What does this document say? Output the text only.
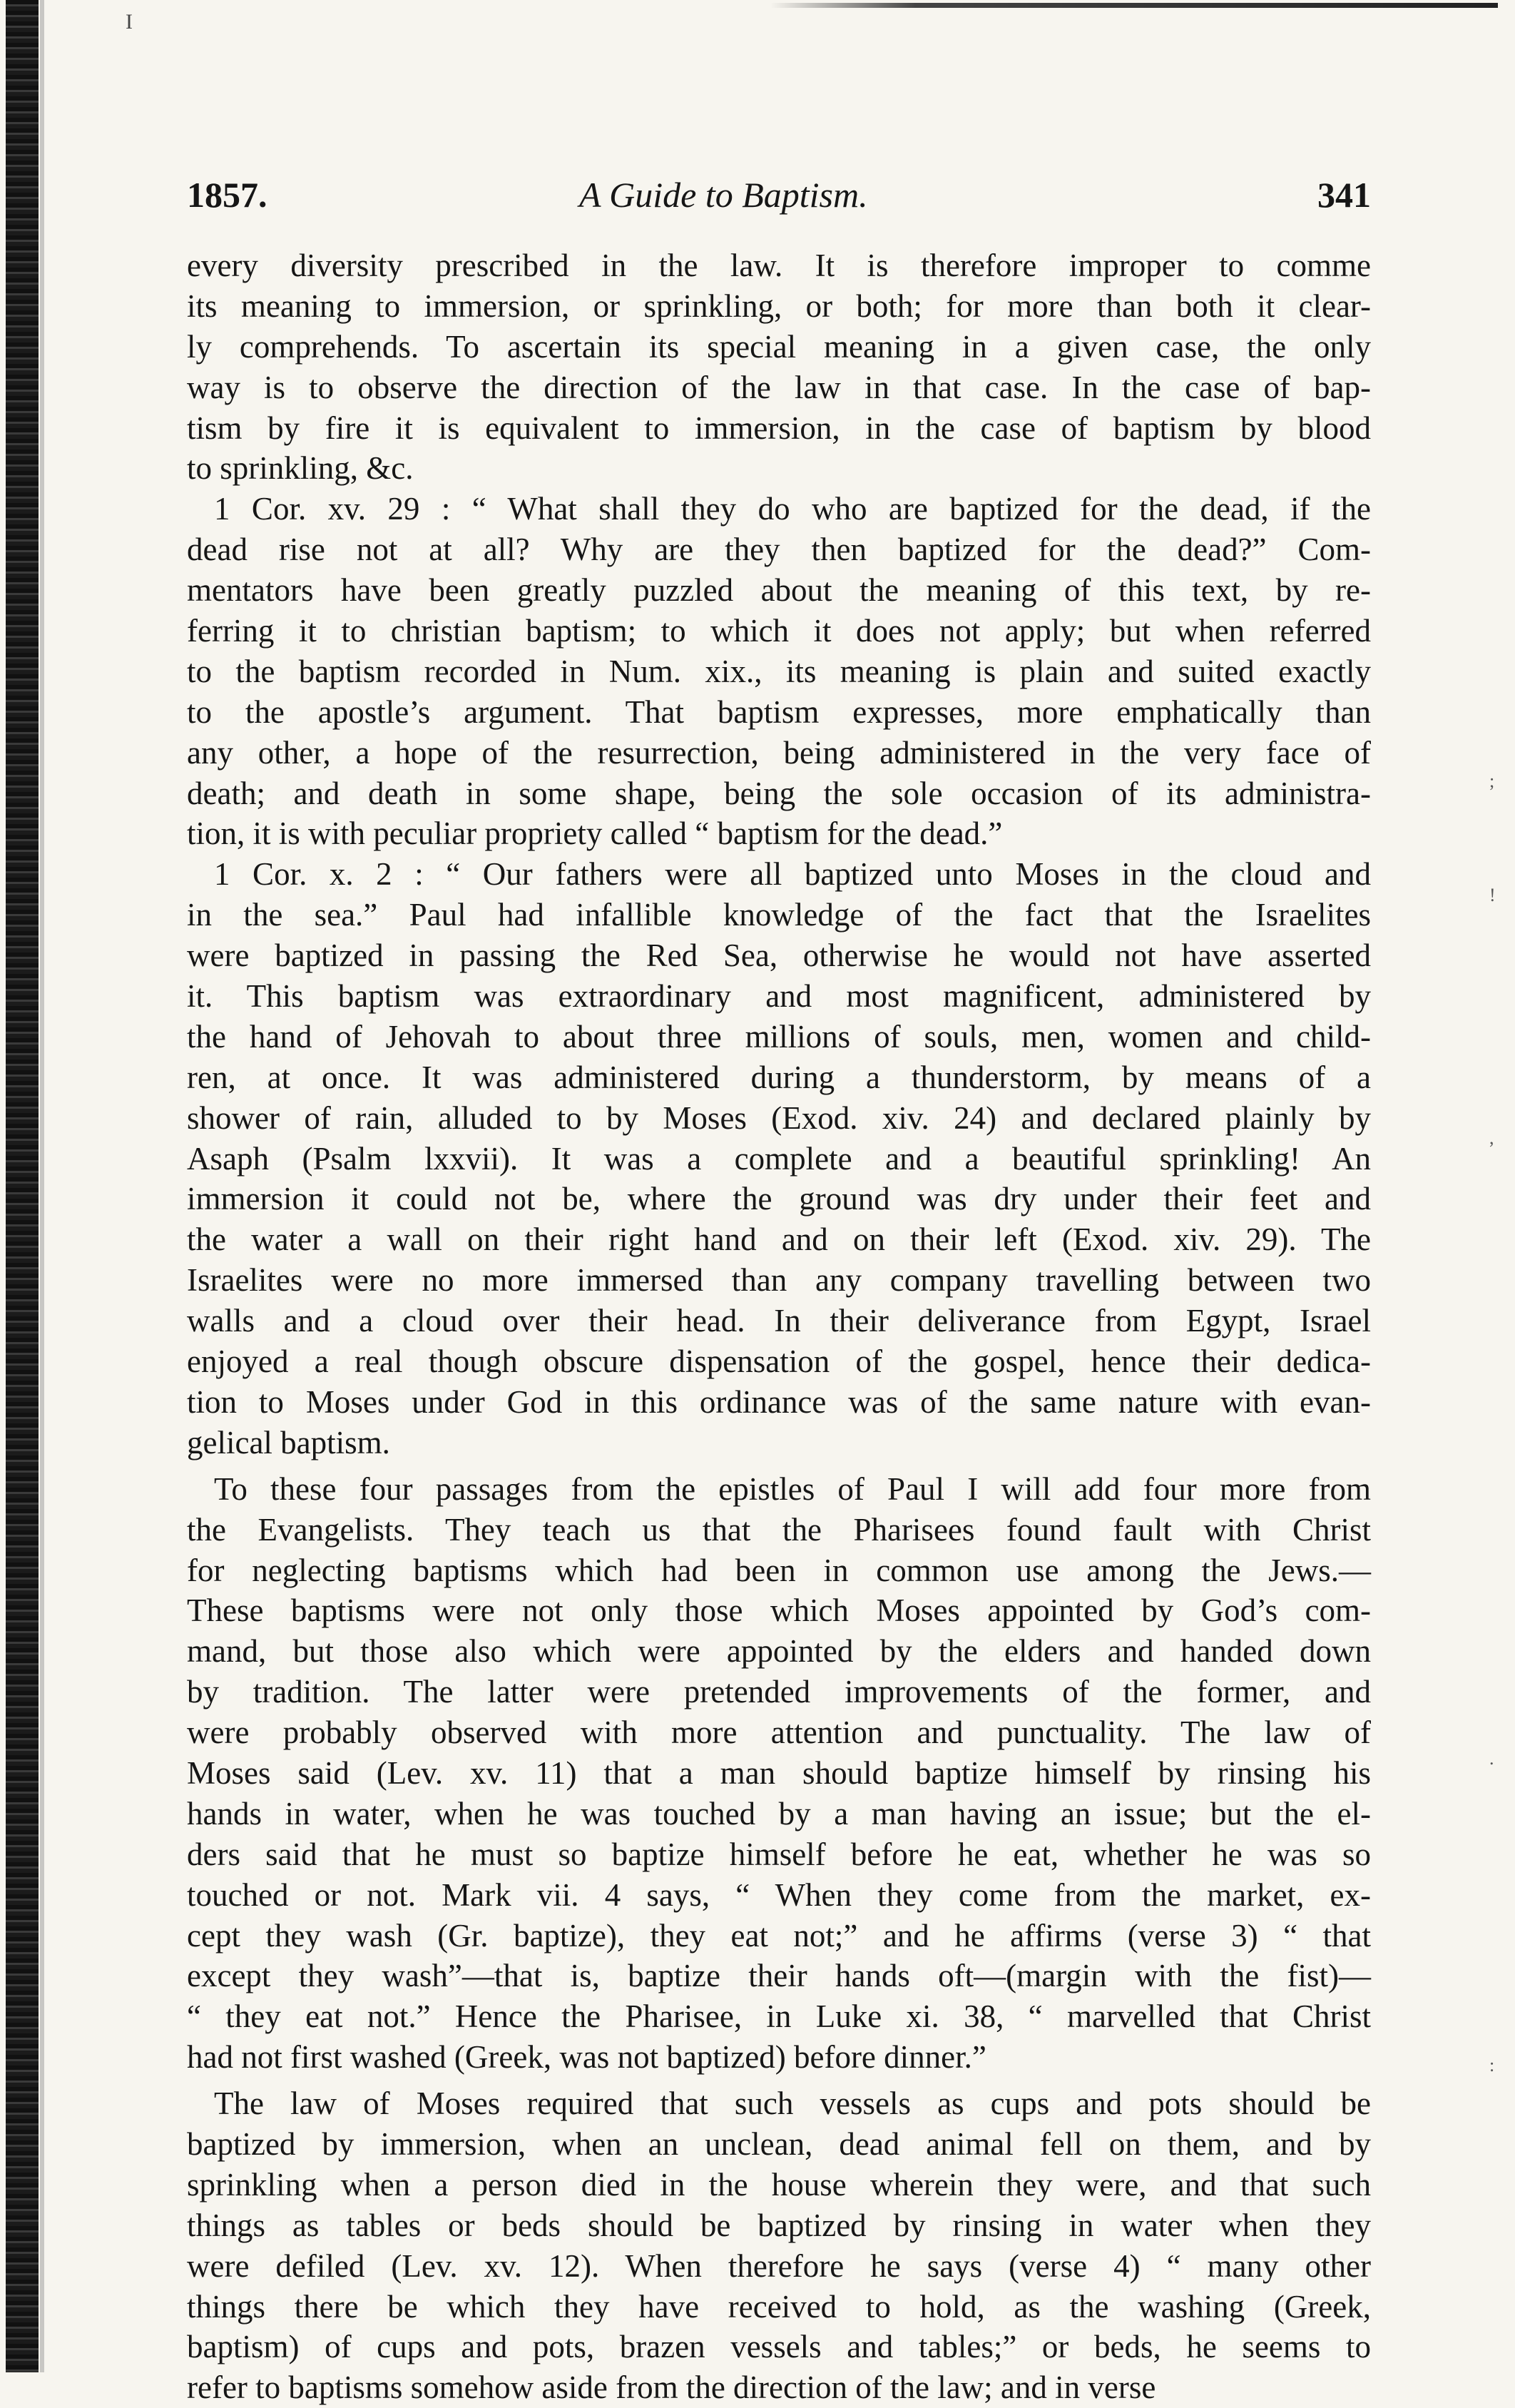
I
1857.	A Guide to Baptism.	341
every diversity prescribed in the law. It is therefore improper to comme
its meaning to immersion, or sprinkling, or both; for more than both it clear-
ly comprehends. To ascertain its special meaning in a given case, the only
way is to observe the direction of the law in that case. In the case of bap-
tism by fire it is equivalent to immersion, in the case of baptism by blood
to sprinkling, &c.
1 Cor. xv. 29 : “ What shall they do who are baptized for the dead, if the
dead rise not at all? Why are they then baptized for the dead?” Com-
mentators have been greatly puzzled about the meaning of this text, by re-
ferring it to christian baptism; to which it does not apply; but when referred
to the baptism recorded in Num. xix., its meaning is plain and suited exactly
to the apostle’s argument. That baptism expresses, more emphatically than
any other, a hope of the resurrection, being administered in the very face of
death; and death in some shape, being the sole occasion of its administra-
tion, it is with peculiar propriety called “ baptism for the dead.”
1 Cor. x. 2 : “ Our fathers were all baptized unto Moses in the cloud and
in the sea.” Paul had infallible knowledge of the fact that the Israelites
were baptized in passing the Red Sea, otherwise he would not have asserted
it. This baptism was extraordinary and most magnificent, administered by
the hand of Jehovah to about three millions of souls, men, women and child-
ren, at once. It was administered during a thunderstorm, by means of a
shower of rain, alluded to by Moses (Exod. xiv. 24) and declared plainly by
Asaph (Psalm lxxvii). It was a complete and a beautiful sprinkling! An
immersion it could not be, where the ground was dry under their feet and
the water a wall on their right hand and on their left (Exod. xiv. 29). The
Israelites were no more immersed than any company travelling between two
walls and a cloud over their head. In their deliverance from Egypt, Israel
enjoyed a real though obscure dispensation of the gospel, hence their dedica-
tion to Moses under God in this ordinance was of the same nature with evan-
gelical baptism.
To these four passages from the epistles of Paul I will add four more from
the Evangelists. They teach us that the Pharisees found fault with Christ
for neglecting baptisms which had been in common use among the Jews.—
These baptisms were not only those which Moses appointed by God’s com-
mand, but those also which were appointed by the elders and handed down
by tradition. The latter were pretended improvements of the former, and
were probably observed with more attention and punctuality. The law of
Moses said (Lev. xv. 11) that a man should baptize himself by rinsing his
hands in water, when he was touched by a man having an issue; but the el-
ders said that he must so baptize himself before he eat, whether he was so
touched or not. Mark vii. 4 says, “ When they come from the market, ex-
cept they wash (Gr. baptize), they eat not;” and he affirms (verse 3) “ that
except they wash”—that is, baptize their hands oft—(margin with the fist)—
“ they eat not.” Hence the Pharisee, in Luke xi. 38, “ marvelled that Christ
had not first washed (Greek, was not baptized) before dinner.”
The law of Moses required that such vessels as cups and pots should be
baptized by immersion, when an unclean, dead animal fell on them, and by
sprinkling when a person died in the house wherein they were, and that such
things as tables or beds should be baptized by rinsing in water when they
were defiled (Lev. xv. 12). When therefore he says (verse 4) “ many other
things there be which they have received to hold, as the washing (Greek,
baptism) of cups and pots, brazen vessels and tables;” or beds, he seems to
refer to baptisms somehow aside from the direction of the law; and in verse
;
!
,
.
:
